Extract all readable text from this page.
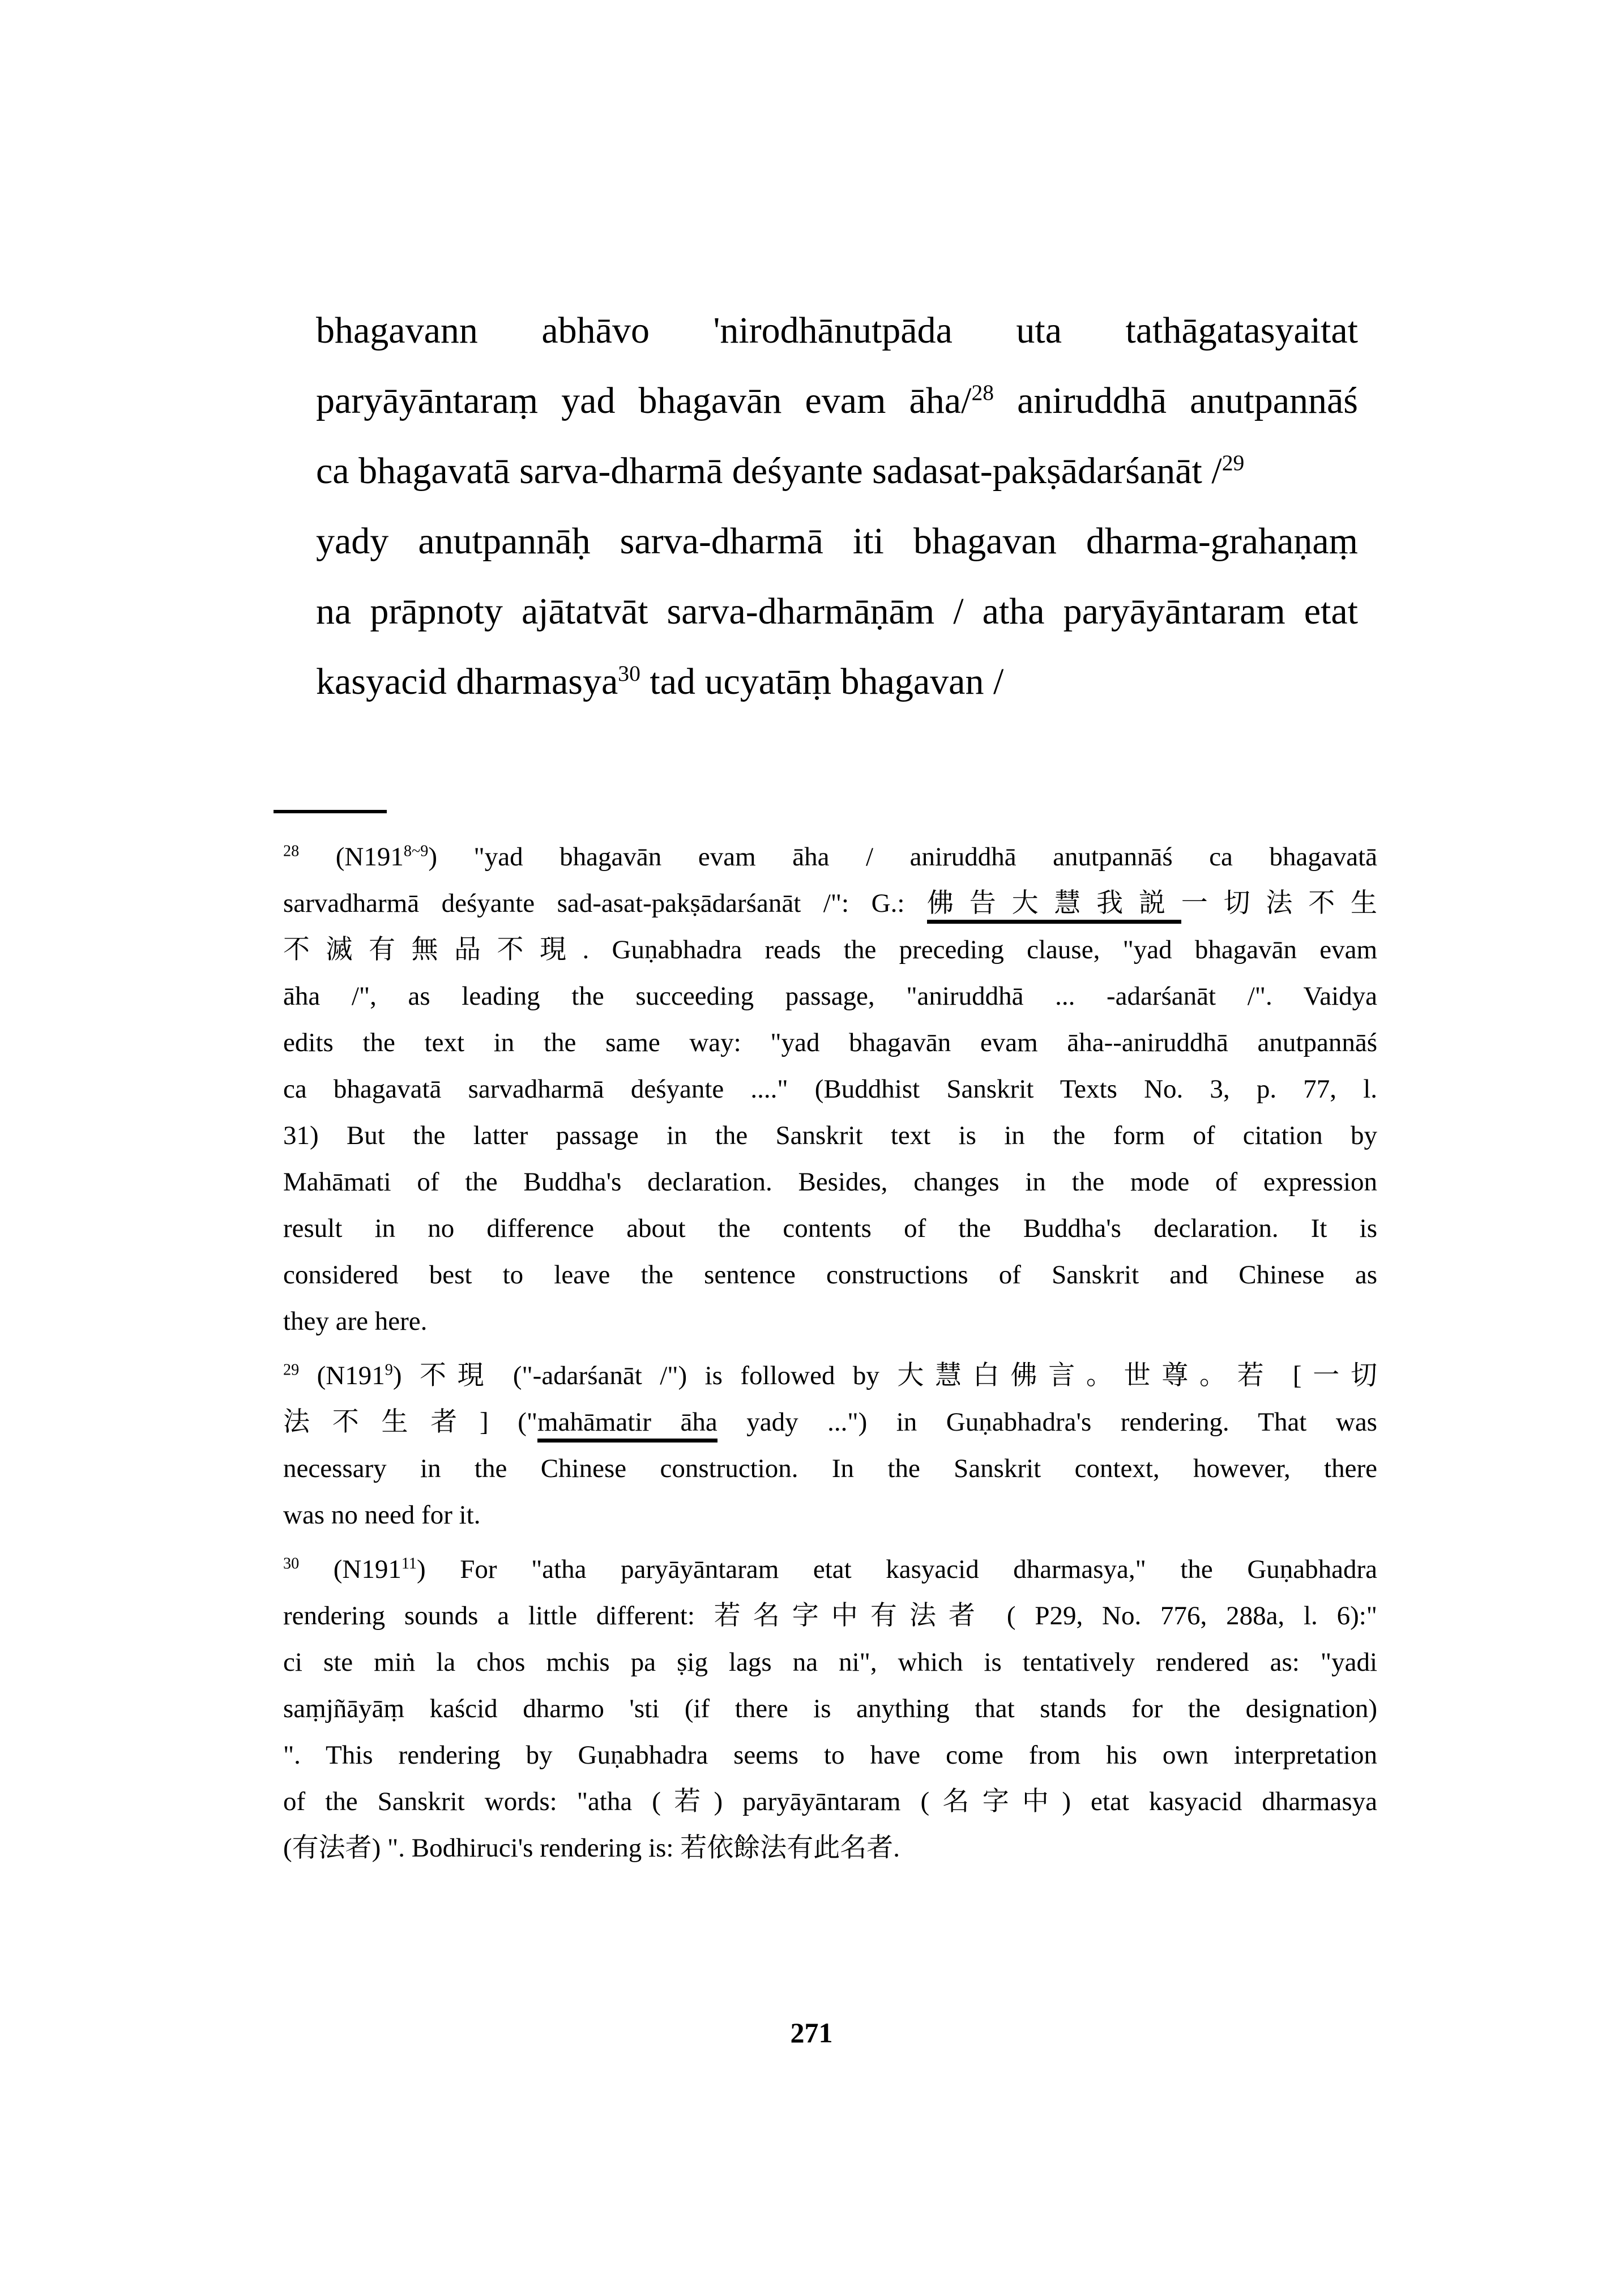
bhagavann abhāvo 'nirodhānutpāda uta tathāgatasyaitat
paryāyāntaraṃ yad bhagavān evam āha/$^{28}$ aniruddhā anutpannāś
ca bhagavatā sarva-dharmā deśyante sadasat-pakṣādarśanāt /$^{29}$
yady anutpannāḥ sarva-dharmā iti bhagavan dharma-grahaṇaṃ
na prāpnoty ajātatvāt sarva-dharmāṇām / atha paryāyāntaram etat
kasyacid dharmasya$^{30}$ tad ucyatāṃ bhagavan /
$^{28}$ $(N191^{8\sim 9})$ "yad bhagavān evam āha / aniruddhā anutpannāś ca bhagavatā
sarvadharmā deśyante sad-asat-pakṣādarśanāt /": G.: 佛告大慧我説一切法不生
不滅有無品不現. Guṇabhadra reads the preceding clause, "yad bhagavān evam
āha /", as leading the succeeding passage, "aniruddhā ... -adarśanāt /". Vaidya
edits the text in the same way: "yad bhagavān evam āha--aniruddhā anutpannāś
ca bhagavatā sarvadharmā deśyante ...." (Buddhist Sanskrit Texts No. 3, p. 77, l.
31) But the latter passage in the Sanskrit text is in the form of citation by
Mahāmati of the Buddha's declaration. Besides, changes in the mode of expression
result in no difference about the contents of the Buddha's declaration. It is
considered best to leave the sentence constructions of Sanskrit and Chinese as
they are here.
$^{29}$ $(N191^9)$ 不現 ("-adarśanāt /") is followed by 大慧白佛言。世尊。若 [一切
法不生者] ("mahāmatir āha yady ...") in Guṇabhadra's rendering. That was
necessary in the Chinese construction. In the Sanskrit context, however, there
was no need for it.
$^{30}$ $(N191^{11})$ For "atha paryāyāntaram etat kasyacid dharmasya," the Guṇabhadra
rendering sounds a little different: 若名字中有法者 ( P29, No. 776, 288a, l. 6):"
ci ste miṅ la chos mchis pa ṣig lags na ni", which is tentatively rendered as: "yadi
saṃjñāyāṃ kaścid dharmo 'sti (if there is anything that stands for the designation)
". This rendering by Guṇabhadra seems to have come from his own interpretation
of the Sanskrit words: "atha (若) paryāyāntaram (名字中) etat kasyacid dharmasya
(有法者) ". Bodhiruci's rendering is: 若依餘法有此名者.
271
